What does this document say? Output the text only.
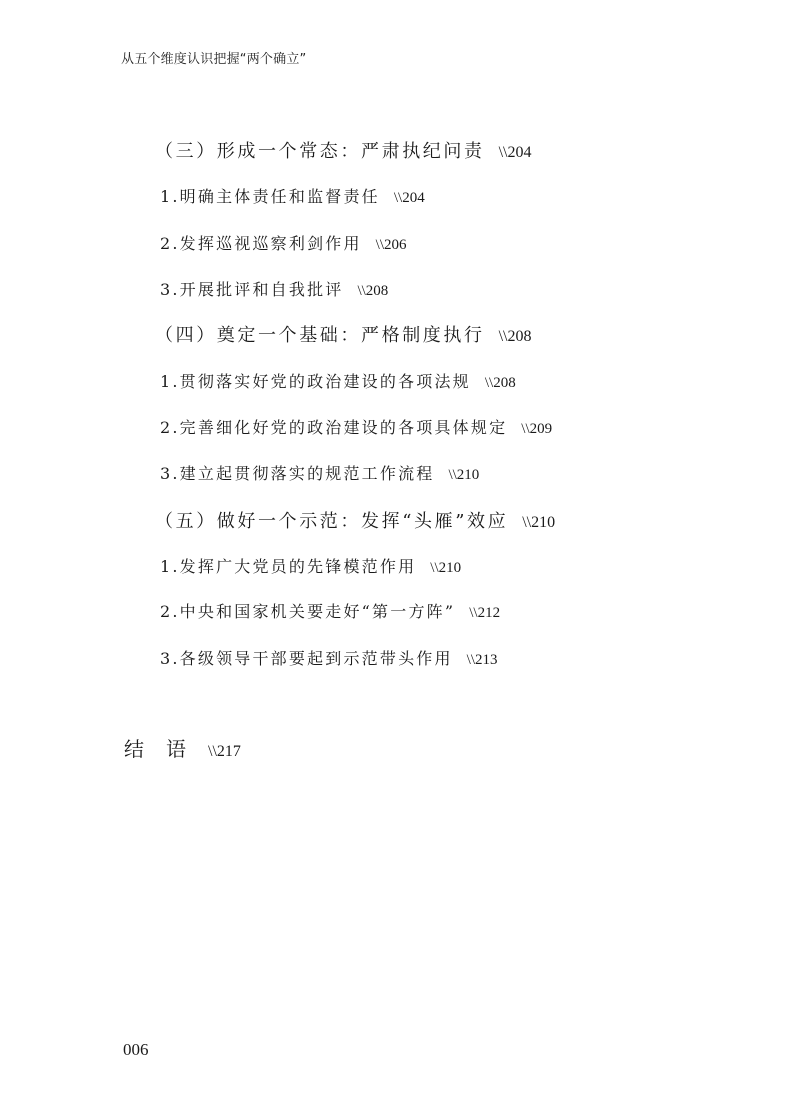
从五个维度认识把握“两个确立”
（三）形成一个常态：严肃执纪问责 \\204
1.明确主体责任和监督责任 \\204
2.发挥巡视巡察利剑作用 \\206
3.开展批评和自我批评 \\208
（四）奠定一个基础：严格制度执行 \\208
1.贯彻落实好党的政治建设的各项法规 \\208
2.完善细化好党的政治建设的各项具体规定 \\209
3.建立起贯彻落实的规范工作流程 \\210
（五）做好一个示范：发挥“头雁”效应 \\210
1.发挥广大党员的先锋模范作用 \\210
2.中央和国家机关要走好“第一方阵” \\212
3.各级领导干部要起到示范带头作用 \\213
结语\\217
006
